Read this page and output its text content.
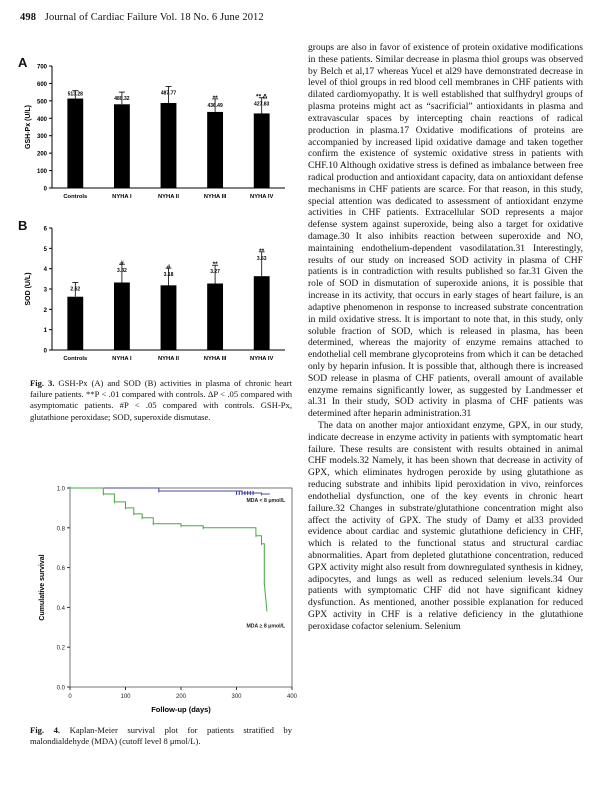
498 Journal of Cardiac Failure Vol. 18 No. 6 June 2012
A
B
0
100
200
300
400
500
600
700
GSH-Px (U/L)
Controls
513.28
NYHA I
480.32
NYHA II
487.77
NYHA III
436.49
**
NYHA IV
427.83
** Δ
0
1
2
3
4
5
6
SOD (U/L)
Controls
2.62
NYHA I
3.32
#
NYHA II
3.18
#
NYHA III
3.27
**
NYHA IV
3.63
**
Fig. 3. GSH-Px (A) and SOD (B) activities in plasma of chronic heart failure patients. **P < .01 compared with controls. ΔP < .05 compared with asymptomatic patients. #P < .05 compared with controls. GSH-Px, glutathione peroxidase; SOD, superoxide dismutase.
0.0
0.2
0.4
0.6
0.8
1.0
0	100	200	300	400
Follow-up (days)
Cumulative survival
MDA < 8 μmol/L
MDA ≥ 8 μmol/L
Fig. 4. Kaplan-Meier survival plot for patients stratified by malondialdehyde (MDA) (cutoff level 8 μmol/L).

groups are also in favor of existence of protein oxidative modifications in these patients. Similar decrease in plasma thiol groups was observed by Belch et al,17 whereas Yucel et al29 have demonstrated decrease in level of thiol groups in red blood cell membranes in CHF patients with dilated cardiomyopathy. It is well established that sulfhydryl groups of plasma proteins might act as “sacrificial” antioxidants in plasma and extravascular spaces by intercepting chain reactions of radical production in plasma.17 Oxidative modifications of proteins are accompanied by increased lipid oxidative damage and taken together confirm the existence of systemic oxidative stress in patients with CHF.10 Although oxidative stress is defined as imbalance between free radical production and antioxidant capacity, data on antioxidant defense mechanisms in CHF patients are scarce. For that reason, in this study, special attention was dedicated to assessment of antioxidant enzyme activities in CHF patients. Extracellular SOD represents a major defense system against superoxide, being also a target for oxidative damage.30 It also inhibits reaction between superoxide and NO, maintaining endothelium-dependent vasodilatation.31 Interestingly, results of our study on increased SOD activity in plasma of CHF patients is in contradiction with results published so far.31 Given the role of SOD in dismutation of superoxide anions, it is possible that increase in its activity, that occurs in early stages of heart failure, is an adaptive phenomenon in response to increased substrate concentration in mild oxidative stress. It is important to note that, in this study, only soluble fraction of SOD, which is released in plasma, has been determined, whereas the majority of enzyme remains attached to endothelial cell membrane glycoproteins from which it can be detached only by heparin infusion. It is possible that, although there is increased SOD release in plasma of CHF patients, overall amount of available enzyme remains significantly lower, as suggested by Landmesser et al.31 In their study, SOD activity in plasma of CHF patients was determined after heparin administration.31

The data on another major antioxidant enzyme, GPX, in our study, indicate decrease in enzyme activity in patients with symptomatic heart failure. These results are consistent with results obtained in animal CHF models.32 Namely, it has been shown that decrease in activity of GPX, which eliminates hydrogen peroxide by using glutathione as reducing substrate and inhibits lipid peroxidation in vivo, reinforces endothelial dysfunction, one of the key events in chronic heart failure.32 Changes in substrate/glutathione concentration might also affect the activity of GPX. The study of Damy et al33 provided evidence about cardiac and systemic glutathione deficiency in CHF, which is related to the functional status and structural cardiac abnormalities. Apart from depleted glutathione concentration, reduced GPX activity might also result from downregulated synthesis in kidney, adipocytes, and lungs as well as reduced selenium levels.34 Our patients with symptomatic CHF did not have significant kidney dysfunction. As mentioned, another possible explanation for reduced GPX activity in CHF is a relative deficiency in the glutathione peroxidase cofactor selenium. Selenium
